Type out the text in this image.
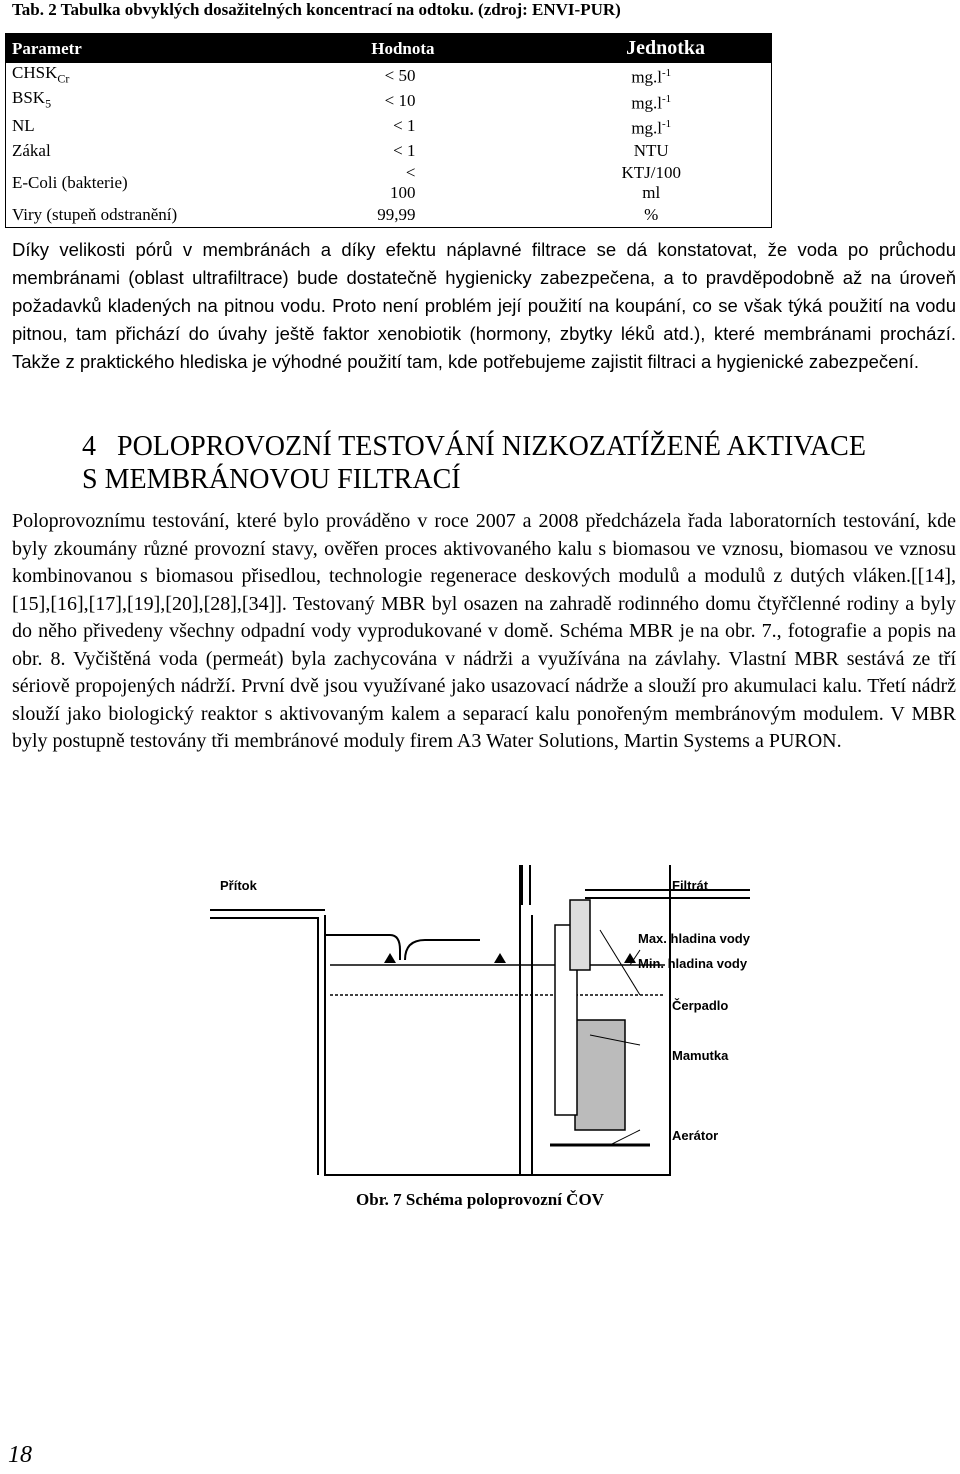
Tab. 2 Tabulka obvyklých dosažitelných koncentrací na odtoku. (zdroj: ENVI-PUR)
Parametr	Hodnota	Jednotka
$CHSK_{Cr}$	< 50	$mg.l^{-1}$
$BSK_5$	< 10	$mg.l^{-1}$
NL	< 1	$mg.l^{-1}$
Zákal	< 1	NTU
E-Coli (bakterie)	< 100	KTJ/100 ml
Viry (stupeň odstranění)	99,99	%
Díky velikosti pórů v membránách a díky efektu náplavné filtrace se dá konstatovat, že voda po průchodu membránami (oblast ultrafiltrace) bude dostatečně hygienicky zabezpečena, a to pravděpodobně až na úroveň požadavků kladených na pitnou vodu. Proto není problém její použití na koupání, co se však týká použití na vodu pitnou, tam přichází do úvahy ještě faktor xenobiotik (hormony, zbytky léků atd.), které membránami prochází. Takže z praktického hlediska je výhodné použití tam, kde potřebujeme zajistit filtraci a hygienické zabezpečení.
4 POLOPROVOZNÍ TESTOVÁNÍ NIZKOZATÍŽENÉ AKTIVACE
S MEMBRÁNOVOU FILTRACÍ
Poloprovoznímu testování, které bylo prováděno v roce 2007 a 2008 předcházela řada laboratorních testování, kde byly zkoumány různé provozní stavy, ověřen proces aktivovaného kalu s biomasou ve vznosu, biomasou ve vznosu kombinovanou s biomasou přisedlou, technologie regenerace deskových modulů a modulů z dutých vláken.[[14],[15],[16],[17],[19],[20],[28],[34]]. Testovaný MBR byl osazen na zahradě rodinného domu čtyřčlenné rodiny a byly do něho přivedeny všechny odpadní vody vyprodukované v domě. Schéma MBR je na obr. 7., fotografie a popis na obr. 8. Vyčištěná voda (permeát) byla zachycována v nádrži a využívána na závlahy. Vlastní MBR sestává ze tří sériově propojených nádrží. První dvě jsou využívané jako usazovací nádrže a slouží pro akumulaci kalu. Třetí nádrž slouží jako biologický reaktor s aktivovaným kalem a separací kalu ponořeným membránovým modulem. V MBR byly postupně testovány tři membránové moduly firem A3 Water Solutions, Martin Systems a PURON.
Přítok	Filtrát
Max. hladina vody
Min. hladina vody
Čerpadlo
Mamutka
Aerátor
Obr. 7 Schéma poloprovozní ČOV
18
